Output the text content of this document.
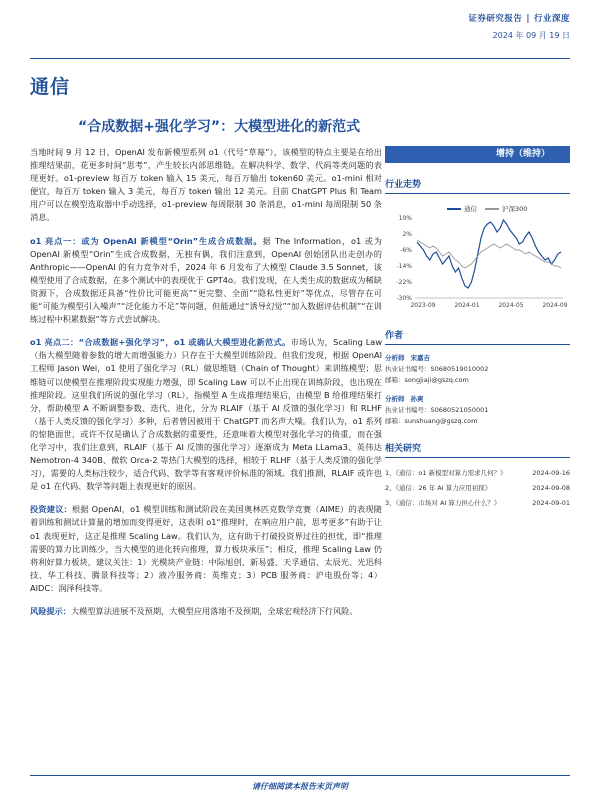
证券研究报告 | 行业深度
2024 年 09 月 19 日
通信
“合成数据+强化学习”：大模型进化的新范式

当地时间 9 月 12 日，OpenAI 发布新模型系列 o1（代号“草莓”），该模型的特点主要是在给出推理结果前，花更多时间“思考”，产生较长内部思维链。在解决科学、数学、代码等类问题的表现更好。o1-preview 每百万 token 输入 15 美元，每百万输出 token60 美元。o1-mini 相对便宜，每百万 token 输入 3 美元，每百万 token 输出 12 美元。目前 ChatGPT Plus 和 Team 用户可以在模型选取器中手动选择，o1-preview 每周限制 30 条消息，o1-mini 每周限制 50 条消息。

o1 亮点一：或为 OpenAI 新模型“Orin”生成合成数据。据 The Information，o1 或为 OpenAI 新模型“Orin”生成合成数据，无独有偶，我们注意到，OpenAI 创始团队出走创办的 Anthropic——OpenAI 的有力竞争对手，2024 年 6 月发布了大模型 Claude 3.5 Sonnet，该模型使用了合成数据，在多个测试中的表现优于 GPT4o。我们发现，在人类生成的数据成为稀缺资源下，合成数据还具备“性价比可能更高”“更完整、全面”“隐私性更好”等优点，尽管存在可能“可能为模型引入噪声”“泛化能力不足”等问题，但能通过“诱导幻觉”“加入数据评估机制”“在训练过程中积累数据”等方式尝试解决。

o1 亮点二：“合成数据+强化学习”，o1 或确认大模型进化新范式。市场认为，Scaling Law（指大模型随着参数的增大而增强能力）只存在于大模型训练阶段。但我们发现，根据 OpenAI 工程师 Jason Wei，o1 使用了强化学习（RL）做思维链（Chain of Thought）来训练模型；思维链可以使模型在推理阶段实现能力增强，即 Scaling Law 可以不止出现在训练阶段，也出现在推理阶段。这里我们所说的强化学习（RL），指模型 A 生成推理结果后，由模型 B 给推理结果打分，帮助模型 A 不断调整参数、迭代、进化，分为 RLAIF（基于 AI 反馈的强化学习）和 RLHF（基于人类反馈的强化学习）多种，后者曾因被用于 ChatGPT 而名声大噪。我们认为，o1 系列的惊艳面世，或许不仅是确认了合成数据的重要性，还意味着大模型对强化学习的倚重，而在强化学习中，我们注意到，RLAIF（基于 AI 反馈的强化学习）逐渐成为 Meta LLama3、英伟达 Nemotron-4 340B、微软 Orca-2 等热门大模型的选择，相较于 RLHF（基于人类反馈的强化学习），需要的人类标注较少，适合代码、数学等有客观评价标准的领域。我们推测，RLAIF 或许也是 o1 在代码、数学等问题上表现更好的原因。

投资建议：根据 OpenAI，o1 模型训练和测试阶段在美国奥林匹克数学竞赛（AIME）的表现随着训练和测试计算量的增加而变得更好，这表明 o1“推理时，在响应用户前，思考更多”有助于让 o1 表现更好，这正是推理 Scaling Law。我们认为，这有助于打破投资界过往的担忧，即“推理需要的算力比训练少，当大模型的进化转向推理，算力板块承压”；相反，推理 Scaling Law 仍将利好算力板块，建议关注：1）光模块产业链：中际旭创、新易盛、天孚通信、太辰光、光迅科技、华工科技、腾景科技等；2）液冷服务商：英维克；3）PCB 服务商：沪电股份等；4）AIDC：润泽科技等。

风险提示：大模型算法进展不及预期，大模型应用落地不及预期，全球宏观经济下行风险。

增持（维持）
行业走势
10%
2%
-6%
-14%
-22%
-30%
2023-09	2024-01	2024-05	2024-09
通信	沪深300
作者
分析师 宋嘉吉
执业证书编号：S0680519010002
邮箱：songjiaji@gszq.com
分析师 孙爽
执业证书编号：S0680521050001
邮箱：sunshuang@gszq.com
相关研究
1、《通信：o1 新模型对算力需求几何？》	2024-09-16
2、《通信：26 年 AI 算力应用初探》	2024-09-08
3、《通信：市场对 AI 算力担心什么？》	2024-09-01
请仔细阅读本报告末页声明
